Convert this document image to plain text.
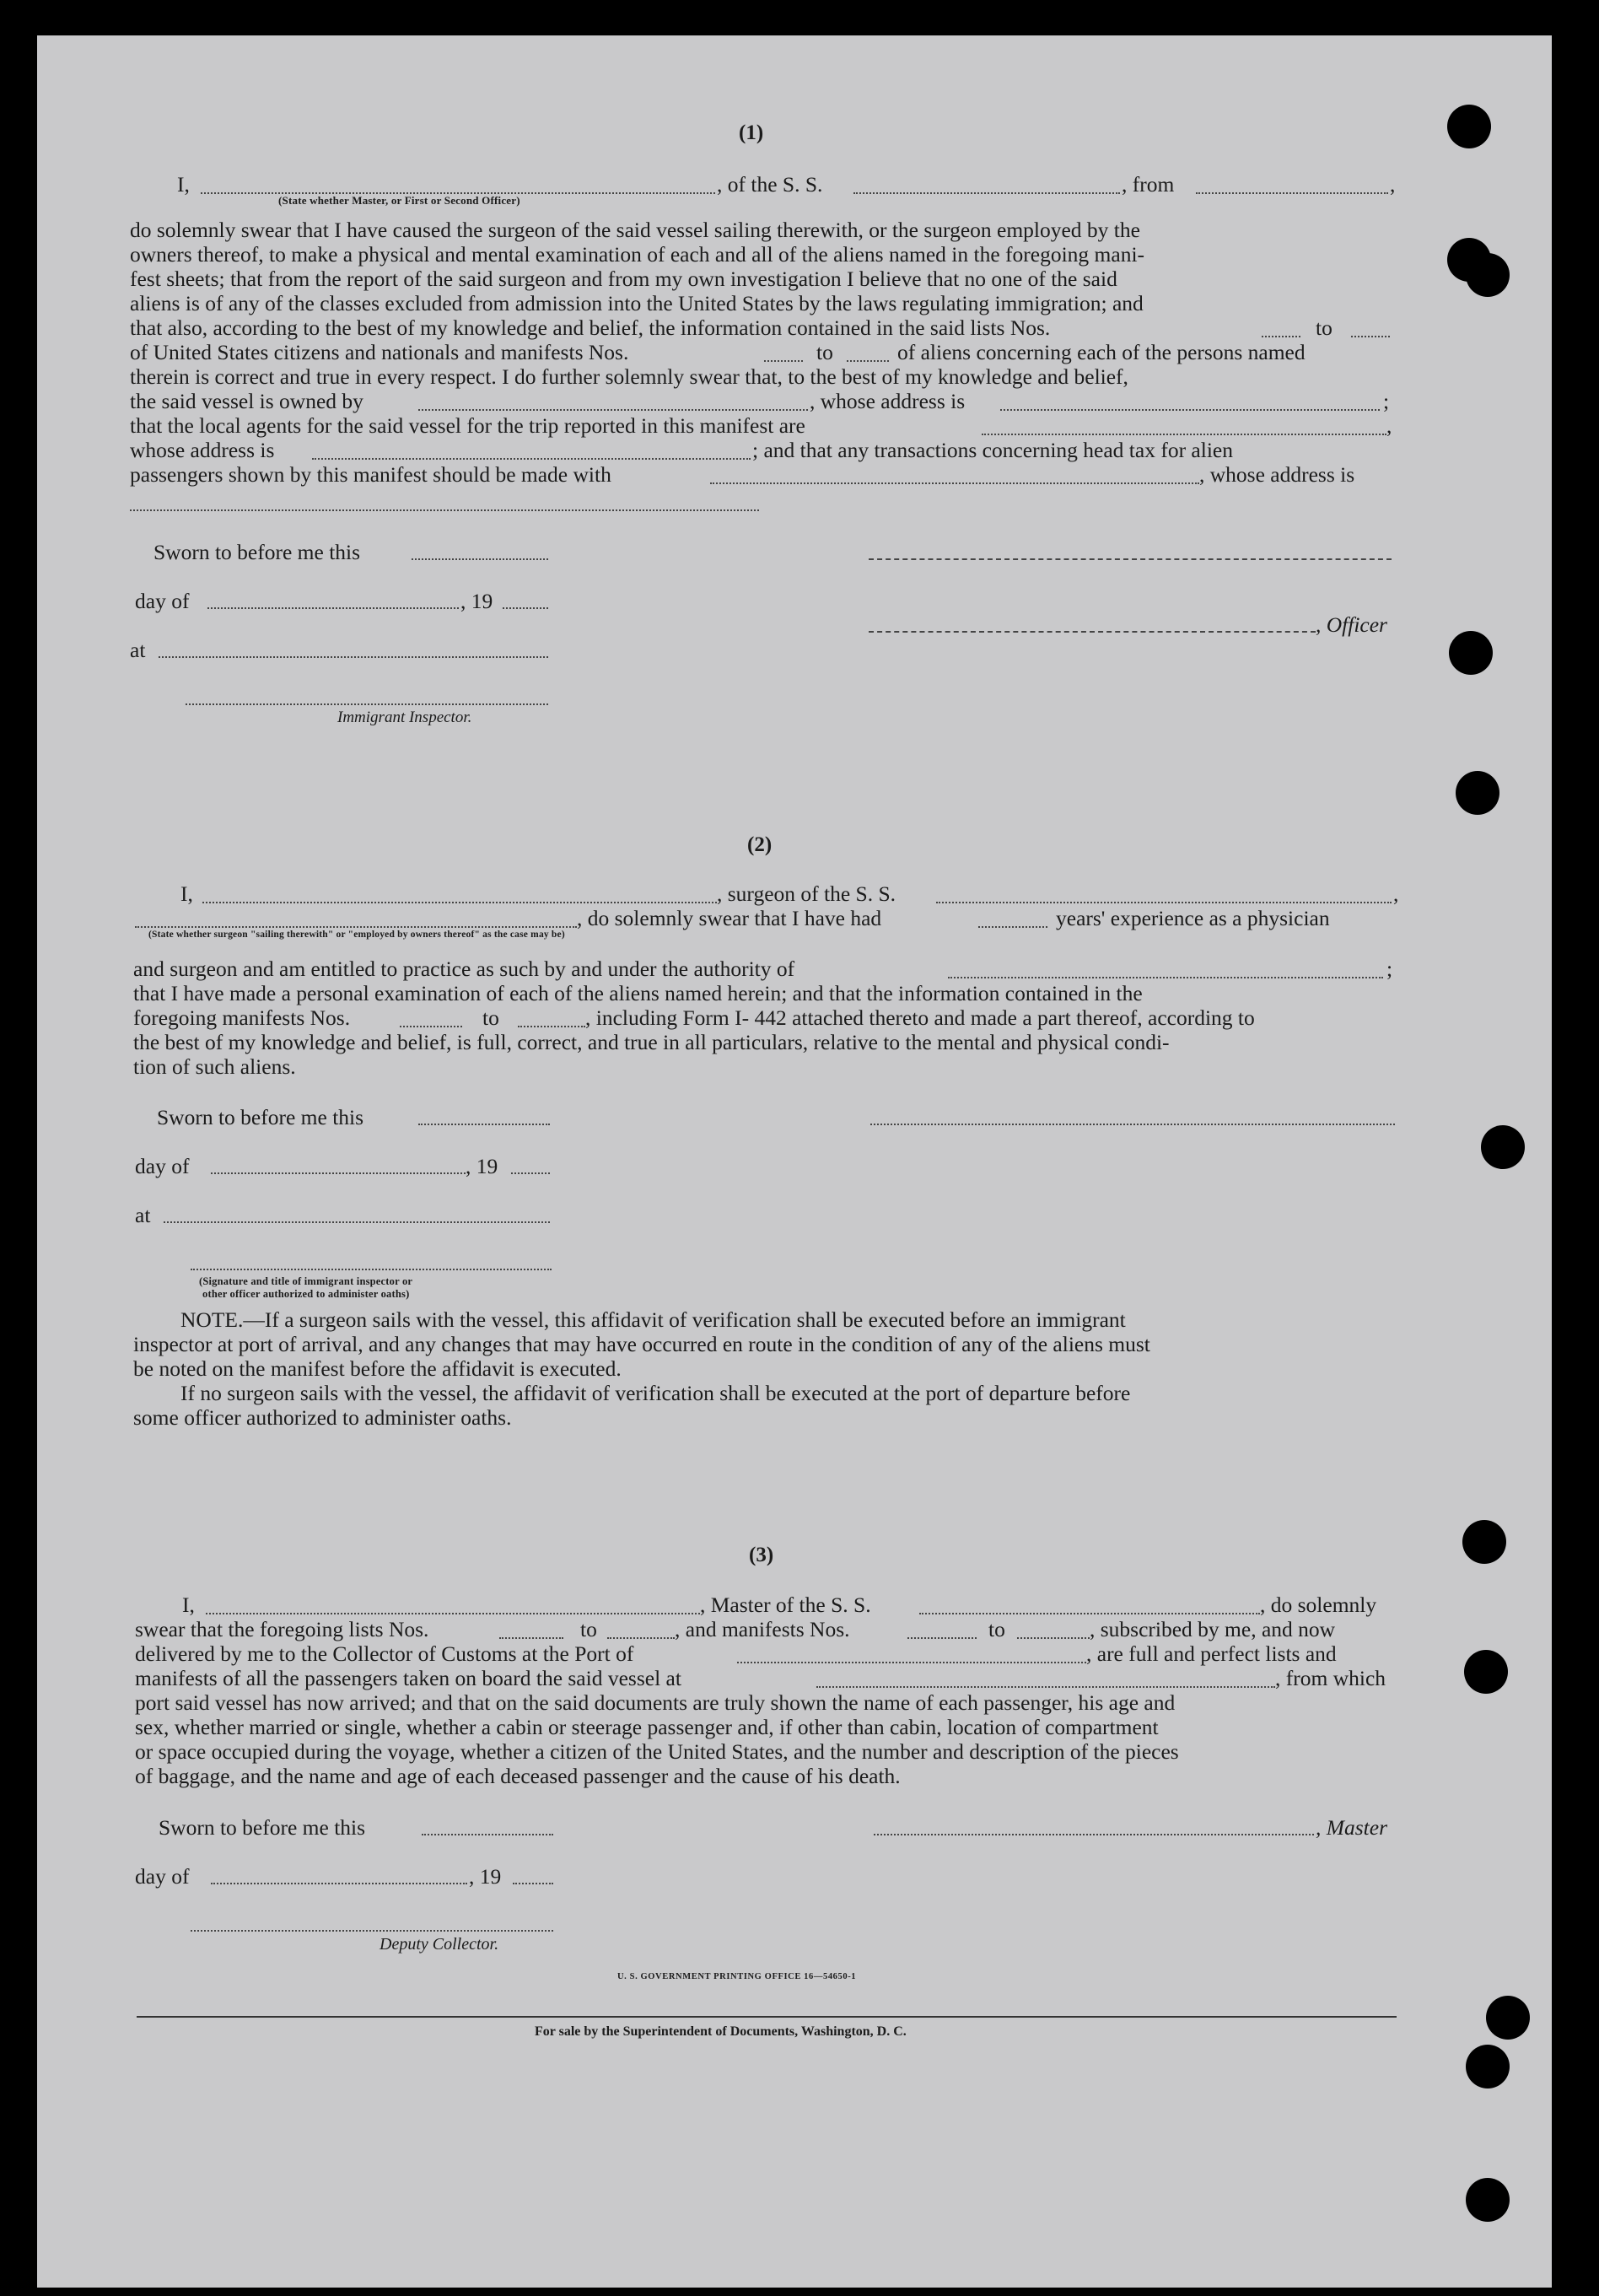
(1)
I,	, of the S. S.	, from	,
(State whether Master, or First or Second Officer)
do solemnly swear that I have caused the surgeon of the said vessel sailing therewith, or the surgeon employed by the
owners thereof, to make a physical and mental examination of each and all of the aliens named in the foregoing mani-
fest sheets; that from the report of the said surgeon and from my own investigation I believe that no one of the said
aliens is of any of the classes excluded from admission into the United States by the laws regulating immigration; and
that also, according to the best of my knowledge and belief, the information contained in the said lists Nos.	to
of United States citizens and nationals and manifests Nos.	to	of aliens concerning each of the persons named
therein is correct and true in every respect. I do further solemnly swear that, to the best of my knowledge and belief,
the said vessel is owned by	, whose address is	;
that the local agents for the said vessel for the trip reported in this manifest are	,
whose address is	; and that any transactions concerning head tax for alien
passengers shown by this manifest should be made with	, whose address is
Sworn to before me this
day of	, 19
at
, Officer
Immigrant Inspector.
(2)
I,	, surgeon of the S. S.	,
, do solemnly swear that I have had	years' experience as a physician
(State whether surgeon "sailing therewith" or "employed by owners thereof" as the case may be)
and surgeon and am entitled to practice as such by and under the authority of	;
that I have made a personal examination of each of the aliens named herein; and that the information contained in the
foregoing manifests Nos.	to	, including Form I- 442 attached thereto and made a part thereof, according to
the best of my knowledge and belief, is full, correct, and true in all particulars, relative to the mental and physical condi-
tion of such aliens.
Sworn to before me this
day of	, 19
at
(Signature and title of immigrant inspector or
other officer authorized to administer oaths)
NOTE.—If a surgeon sails with the vessel, this affidavit of verification shall be executed before an immigrant
inspector at port of arrival, and any changes that may have occurred en route in the condition of any of the aliens must
be noted on the manifest before the affidavit is executed.
If no surgeon sails with the vessel, the affidavit of verification shall be executed at the port of departure before
some officer authorized to administer oaths.
(3)
I,	, Master of the S. S.	, do solemnly
swear that the foregoing lists Nos.	to	, and manifests Nos.	to	, subscribed by me, and now
delivered by me to the Collector of Customs at the Port of	, are full and perfect lists and
manifests of all the passengers taken on board the said vessel at	, from which
port said vessel has now arrived; and that on the said documents are truly shown the name of each passenger, his age and
sex, whether married or single, whether a cabin or steerage passenger and, if other than cabin, location of compartment
or space occupied during the voyage, whether a citizen of the United States, and the number and description of the pieces
of baggage, and the name and age of each deceased passenger and the cause of his death.
Sworn to before me this	, Master
day of	, 19
Deputy Collector.
U. S. GOVERNMENT PRINTING OFFICE 16—54650-1
For sale by the Superintendent of Documents, Washington, D. C.
